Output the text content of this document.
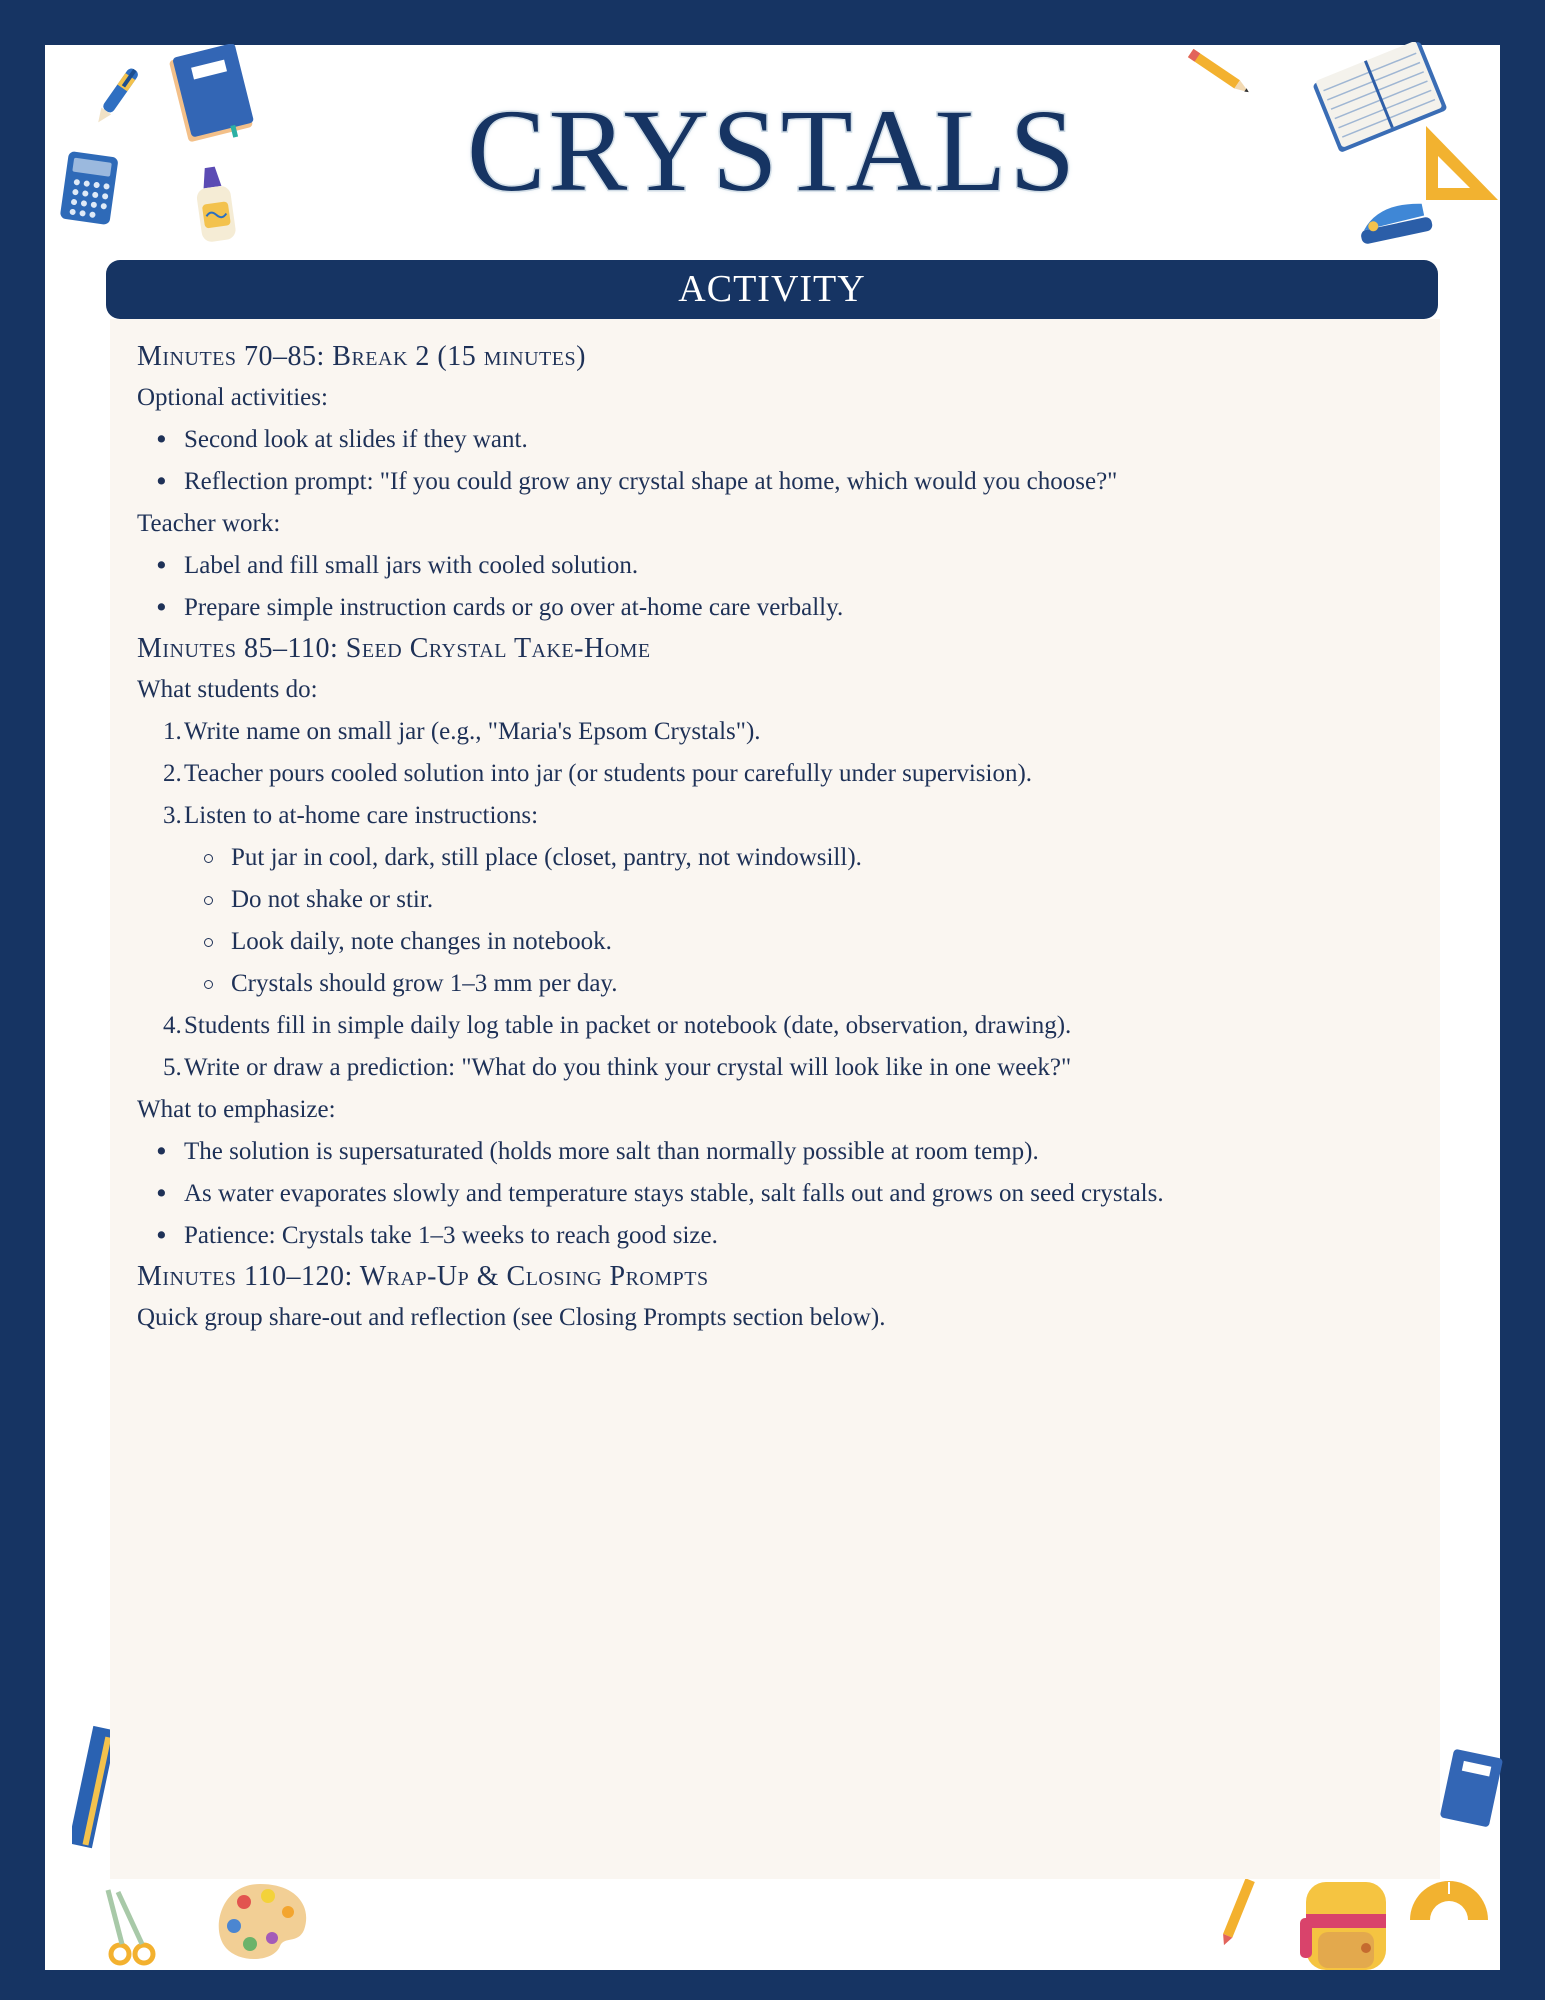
CRYSTALS
ACTIVITY
Minutes 70–85: Break 2 (15 minutes)
Optional activities:
• Second look at slides if they want.
• Reflection prompt: "If you could grow any crystal shape at home, which would you choose?"
Teacher work:
• Label and fill small jars with cooled solution.
• Prepare simple instruction cards or go over at-home care verbally.
Minutes 85–110: Seed Crystal Take-Home
What students do:
1. Write name on small jar (e.g., "Maria's Epsom Crystals").
2. Teacher pours cooled solution into jar (or students pour carefully under supervision).
3. Listen to at-home care instructions:
Put jar in cool, dark, still place (closet, pantry, not windowsill).
Do not shake or stir.
Look daily, note changes in notebook.
Crystals should grow 1–3 mm per day.
4. Students fill in simple daily log table in packet or notebook (date, observation, drawing).
5. Write or draw a prediction: "What do you think your crystal will look like in one week?"
What to emphasize:
• The solution is supersaturated (holds more salt than normally possible at room temp).
• As water evaporates slowly and temperature stays stable, salt falls out and grows on seed crystals.
• Patience: Crystals take 1–3 weeks to reach good size.
Minutes 110–120: Wrap-Up & Closing Prompts
Quick group share-out and reflection (see Closing Prompts section below).
